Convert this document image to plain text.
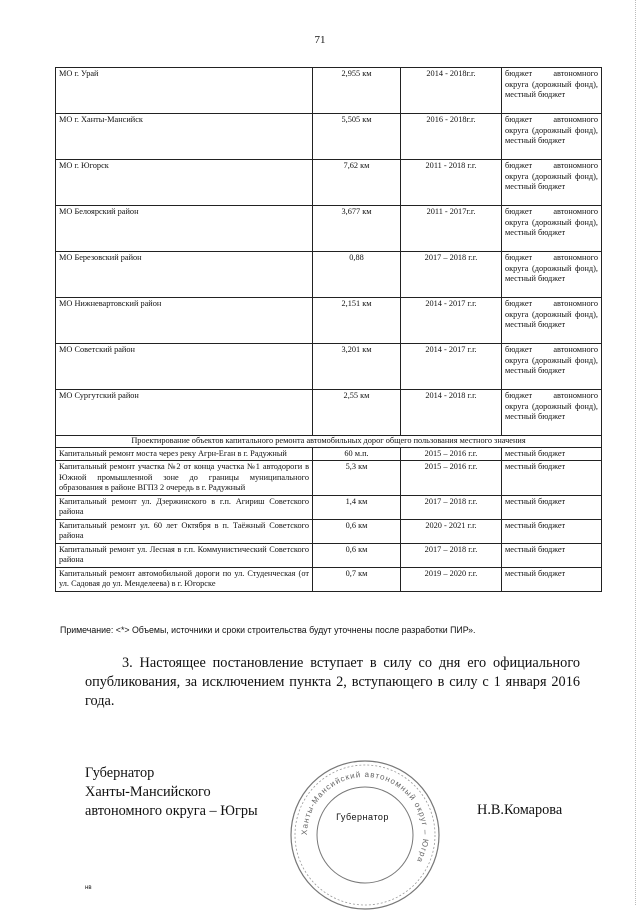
71
МО г. Урай	2,955 км	2014 - 2018г.г.	бюджет автономного округа (дорожный фонд), местный бюджет
МО г. Ханты-Мансийск	5,505 км	2016 - 2018г.г.	бюджет автономного округа (дорожный фонд), местный бюджет
МО г. Югорск	7,62 км	2011 - 2018 г.г.	бюджет автономного округа (дорожный фонд), местный бюджет
МО Белоярский район	3,677 км	2011 - 2017г.г.	бюджет автономного округа (дорожный фонд), местный бюджет
МО Березовский район	0,88	2017 – 2018 г.г.	бюджет автономного округа (дорожный фонд), местный бюджет
МО Нижневартовский район	2,151 км	2014 - 2017 г.г.	бюджет автономного округа (дорожный фонд), местный бюджет
МО Советский район	3,201 км	2014 - 2017 г.г.	бюджет автономного округа (дорожный фонд), местный бюджет
МО Сургутский район	2,55 км	2014 - 2018 г.г.	бюджет автономного округа (дорожный фонд), местный бюджет
Проектирование объектов капитального ремонта автомобильных дорог общего пользования местного значения			
Капитальный ремонт моста через реку Агрн-Еган в г. Радужный	60 м.п.	2015 – 2016 г.г.	местный бюджет
Капитальный ремонт участка №2 от конца участка №1 автодороги в Южной промышленной зоне до границы муниципального образования в районе ВГПЗ 2 очередь в г. Радужный	5,3 км	2015 – 2016 г.г.	местный бюджет
Капитальный ремонт ул. Дзержинского в г.п. Агириш Советского района	1,4 км	2017 – 2018 г.г.	местный бюджет
Капитальный ремонт ул. 60 лет Октября в п. Таёжный Советского района	0,6 км	2020 - 2021 г.г.	местный бюджет
Капитальный ремонт ул. Лесная в г.п. Коммунистический Советского района	0,6 км	2017 – 2018 г.г.	местный бюджет
Капитальный ремонт автомобильной дороги по ул. Студенческая (от ул. Садовая до ул. Менделеева) в г. Югорске	0,7 км	2019 – 2020 г.г.	местный бюджет
Примечание: <*> Объемы, источники и сроки строительства будут уточнены после разработки ПИР».
3. Настоящее постановление вступает в силу со дня его официального опубликования, за исключением пункта 2, вступающего в силу с 1 января 2016 года.
Губернатор
Ханты-Мансийского
автономного округа – Югры
Ханты-Мансийский автономный округ – Югра
Губернатор	Н.В.Комарова
нв
